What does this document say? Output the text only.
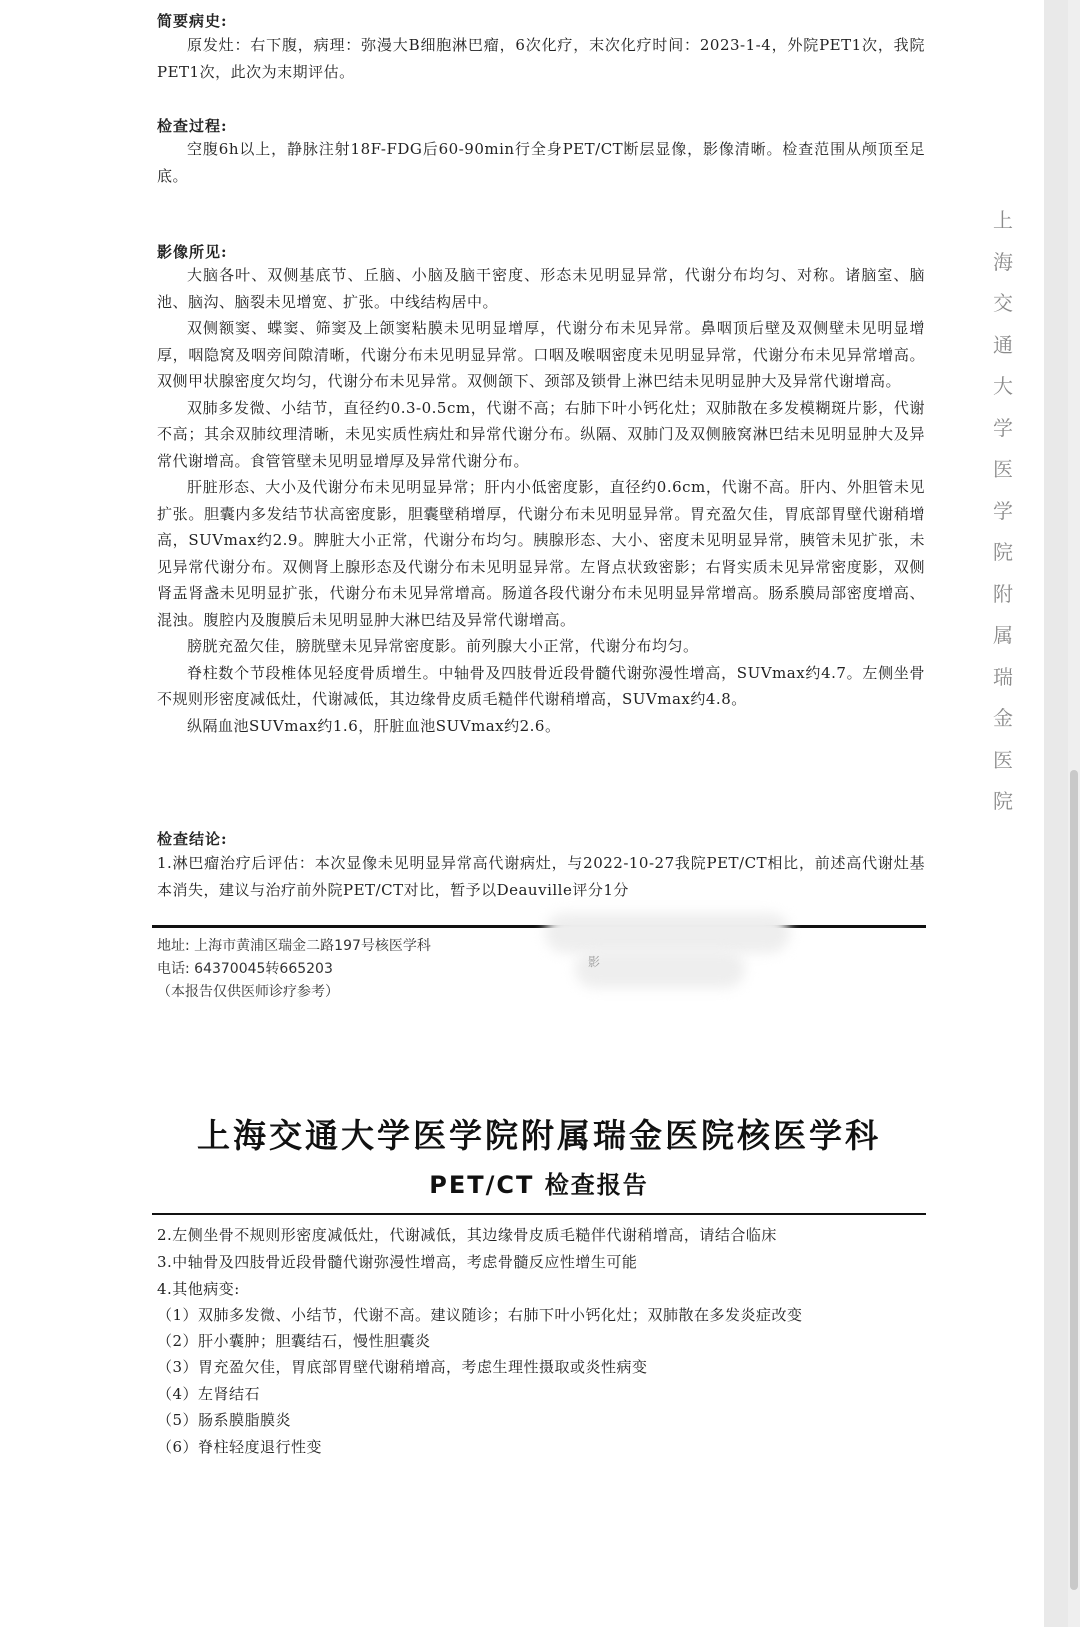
简要病史:
原发灶：右下腹，病理：弥漫大B细胞淋巴瘤，6次化疗，末次化疗时间：2023-1-4，外院PET1次，我院PET1次，此次为末期评估。
检查过程:
空腹6h以上，静脉注射18F-FDG后60-90min行全身PET/CT断层显像，影像清晰。检查范围从颅顶至足底。
影像所见:
大脑各叶、双侧基底节、丘脑、小脑及脑干密度、形态未见明显异常，代谢分布均匀、对称。诸脑室、脑池、脑沟、脑裂未见增宽、扩张。中线结构居中。
双侧额窦、蝶窦、筛窦及上颌窦粘膜未见明显增厚，代谢分布未见异常。鼻咽顶后壁及双侧壁未见明显增厚，咽隐窝及咽旁间隙清晰，代谢分布未见明显异常。口咽及喉咽密度未见明显异常，代谢分布未见异常增高。双侧甲状腺密度欠均匀，代谢分布未见异常。双侧颌下、颈部及锁骨上淋巴结未见明显肿大及异常代谢增高。
双肺多发微、小结节，直径约0.3-0.5cm，代谢不高；右肺下叶小钙化灶；双肺散在多发模糊斑片影，代谢不高；其余双肺纹理清晰，未见实质性病灶和异常代谢分布。纵隔、双肺门及双侧腋窝淋巴结未见明显肿大及异常代谢增高。食管管壁未见明显增厚及异常代谢分布。
肝脏形态、大小及代谢分布未见明显异常；肝内小低密度影，直径约0.6cm，代谢不高。肝内、外胆管未见扩张。胆囊内多发结节状高密度影，胆囊壁稍增厚，代谢分布未见明显异常。胃充盈欠佳，胃底部胃壁代谢稍增高，SUVmax约2.9。脾脏大小正常，代谢分布均匀。胰腺形态、大小、密度未见明显异常，胰管未见扩张，未见异常代谢分布。双侧肾上腺形态及代谢分布未见明显异常。左肾点状致密影；右肾实质未见异常密度影，双侧肾盂肾盏未见明显扩张，代谢分布未见异常增高。肠道各段代谢分布未见明显异常增高。肠系膜局部密度增高、混浊。腹腔内及腹膜后未见明显肿大淋巴结及异常代谢增高。
膀胱充盈欠佳，膀胱壁未见异常密度影。前列腺大小正常，代谢分布均匀。
脊柱数个节段椎体见轻度骨质增生。中轴骨及四肢骨近段骨髓代谢弥漫性增高，SUVmax约4.7。左侧坐骨不规则形密度减低灶，代谢减低，其边缘骨皮质毛糙伴代谢稍增高，SUVmax约4.8。
纵隔血池SUVmax约1.6，肝脏血池SUVmax约2.6。
检查结论:
1.淋巴瘤治疗后评估：本次显像未见明显异常高代谢病灶，与2022-10-27我院PET/CT相比，前述高代谢灶基本消失，建议与治疗前外院PET/CT对比，暂予以Deauville评分1分
上
海
交
通
大
学
医
学
院
附
属
瑞
金
医
院
影
地址: 上海市黄浦区瑞金二路197号核医学科
电话: 64370045转665203
（本报告仅供医师诊疗参考）
上海交通大学医学院附属瑞金医院核医学科
PET/CT 检查报告
2.左侧坐骨不规则形密度减低灶，代谢减低，其边缘骨皮质毛糙伴代谢稍增高，请结合临床
3.中轴骨及四肢骨近段骨髓代谢弥漫性增高，考虑骨髓反应性增生可能
4.其他病变:
（1）双肺多发微、小结节，代谢不高。建议随诊；右肺下叶小钙化灶；双肺散在多发炎症改变
（2）肝小囊肿；胆囊结石，慢性胆囊炎
（3）胃充盈欠佳，胃底部胃壁代谢稍增高，考虑生理性摄取或炎性病变
（4）左肾结石
（5）肠系膜脂膜炎
（6）脊柱轻度退行性变
